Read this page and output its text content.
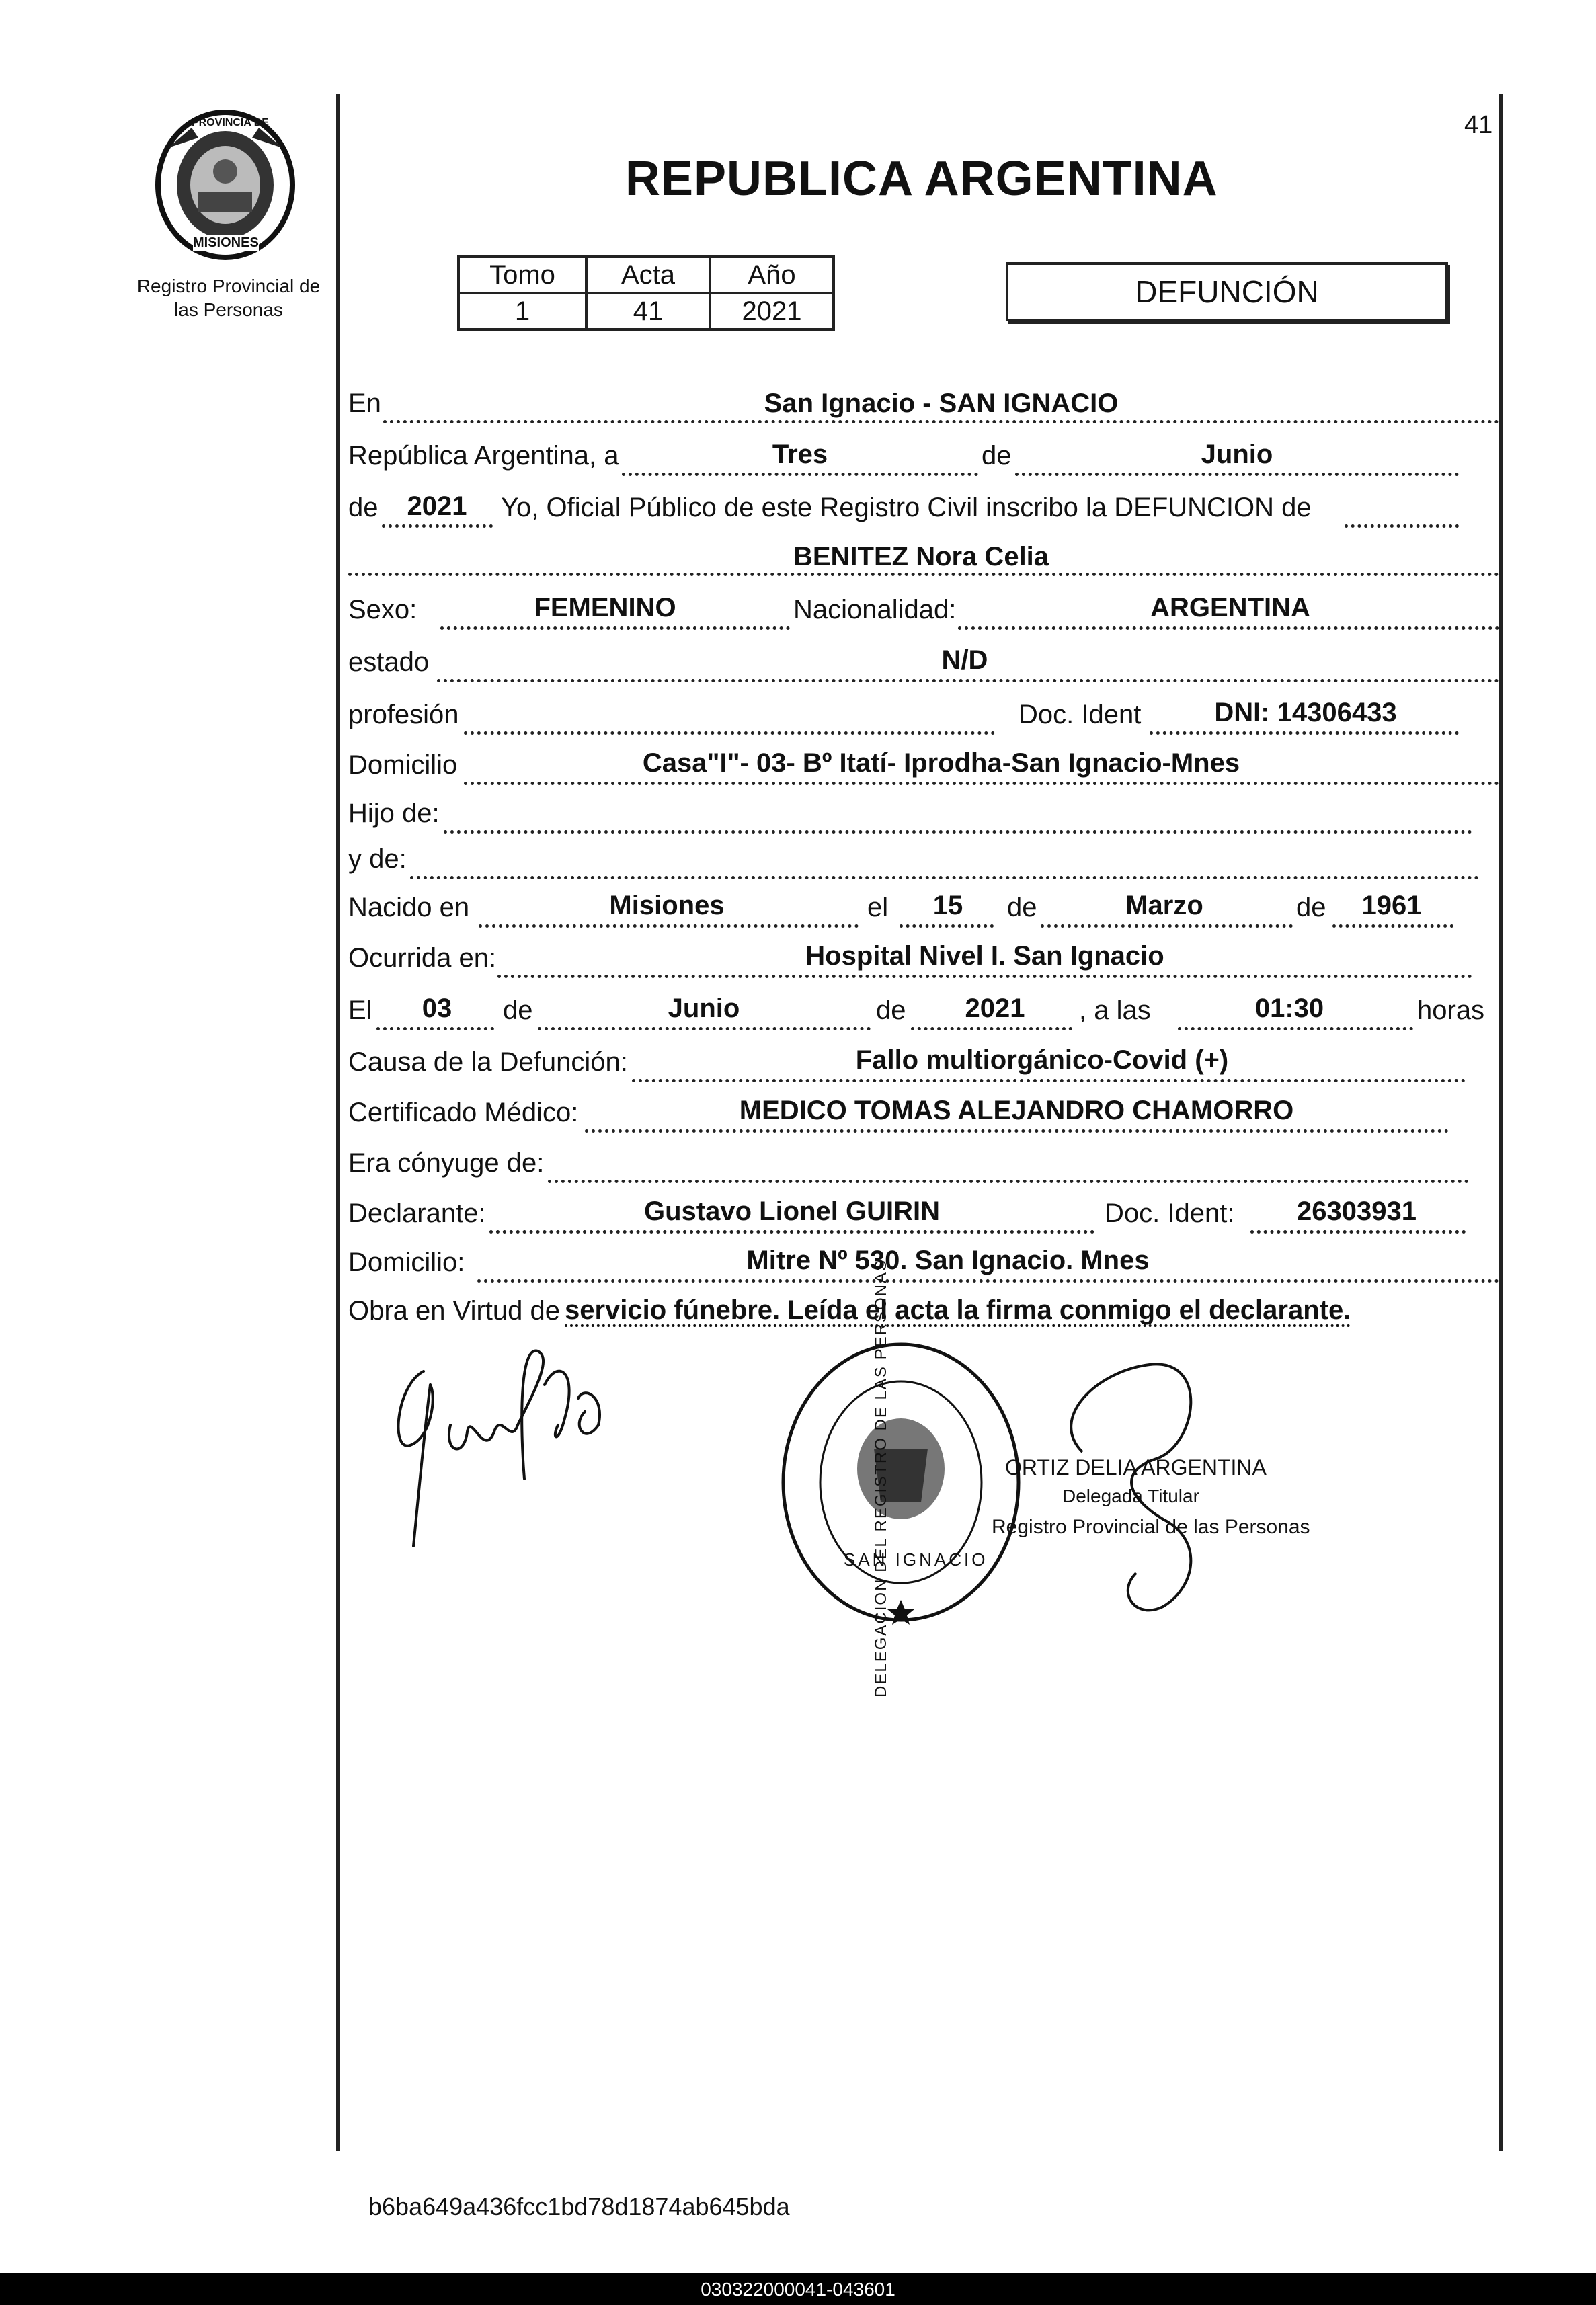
41
PROVINCIA DE
MISIONES
Registro Provincial de
las Personas
REPUBLICA ARGENTINA
Tomo	Acta	Año
1	41	2021
DEFUNCIÓN
En	San Ignacio - SAN IGNACIO
República Argentina, a	Tres	de	Junio
de 2021 Yo, Oficial Público de este Registro Civil inscribo la DEFUNCION de
BENITEZ Nora Celia
Sexo:	FEMENINO	Nacionalidad:	ARGENTINA
estado	N/D
profesión	Doc. Ident	DNI: 14306433
Domicilio	Casa"I"- 03- Bº Itatí- Iprodha-San Ignacio-Mnes
Hijo de:
y de:
Nacido en	Misiones	el 15 de	Marzo	de 1961
Ocurrida en:	Hospital Nivel I. San Ignacio
El 03 de	Junio	de 2021 , a las	01:30	horas
Causa de la Defunción:	Fallo multiorgánico-Covid (+)
Certificado Médico:	MEDICO TOMAS ALEJANDRO CHAMORRO
Era cónyuge de:
Declarante:	Gustavo Lionel GUIRIN	Doc. Ident: 26303931
Domicilio:	Mitre Nº 530. San Ignacio. Mnes
Obra en Virtud de servicio fúnebre. Leída el acta la firma conmigo el declarante.
DELEGACION DEL REGISTRO DE LAS PERSONAS
SAN IGNACIO
ORTIZ DELIA ARGENTINA
Delegada Titular
Registro Provincial de las Personas
b6ba649a436fcc1bd78d1874ab645bda
030322000041-043601
